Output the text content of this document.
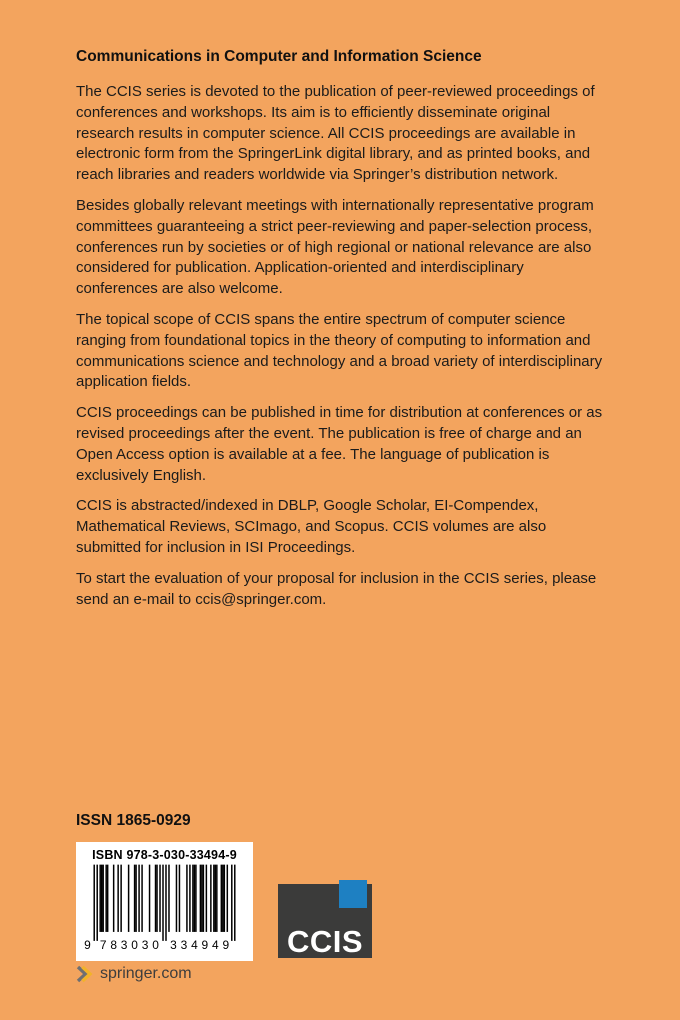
Communications in Computer and Information Science

The CCIS series is devoted to the publication of peer-reviewed proceedings of conferences and workshops. Its aim is to efficiently disseminate original research results in computer science. All CCIS proceedings are available in electronic form from the SpringerLink digital library, and as printed books, and reach libraries and readers worldwide via Springer’s distribution network.

Besides globally relevant meetings with internationally representative program committees guaranteeing a strict peer-reviewing and paper-selection process, conferences run by societies or of high regional or national relevance are also considered for publication. Application-oriented and interdisciplinary conferences are also welcome.

The topical scope of CCIS spans the entire spectrum of computer science ranging from foundational topics in the theory of computing to information and communications science and technology and a broad variety of interdisciplinary application fields.

CCIS proceedings can be published in time for distribution at conferences or as revised proceedings after the event. The publication is free of charge and an Open Access option is available at a fee. The language of publication is exclusively English.

CCIS is abstracted/indexed in DBLP, Google Scholar, EI-Compendex, Mathematical Reviews, SCImago, and Scopus. CCIS volumes are also submitted for inclusion in ISI Proceedings.

To start the evaluation of your proposal for inclusion in the CCIS series, please send an e-mail to ccis@springer.com.

ISSN 1865-0929
ISBN 978-3-030-33494-9
9 7	3
8	3
3	4
0	9
3	4
0	9 CCIS
springer.com
